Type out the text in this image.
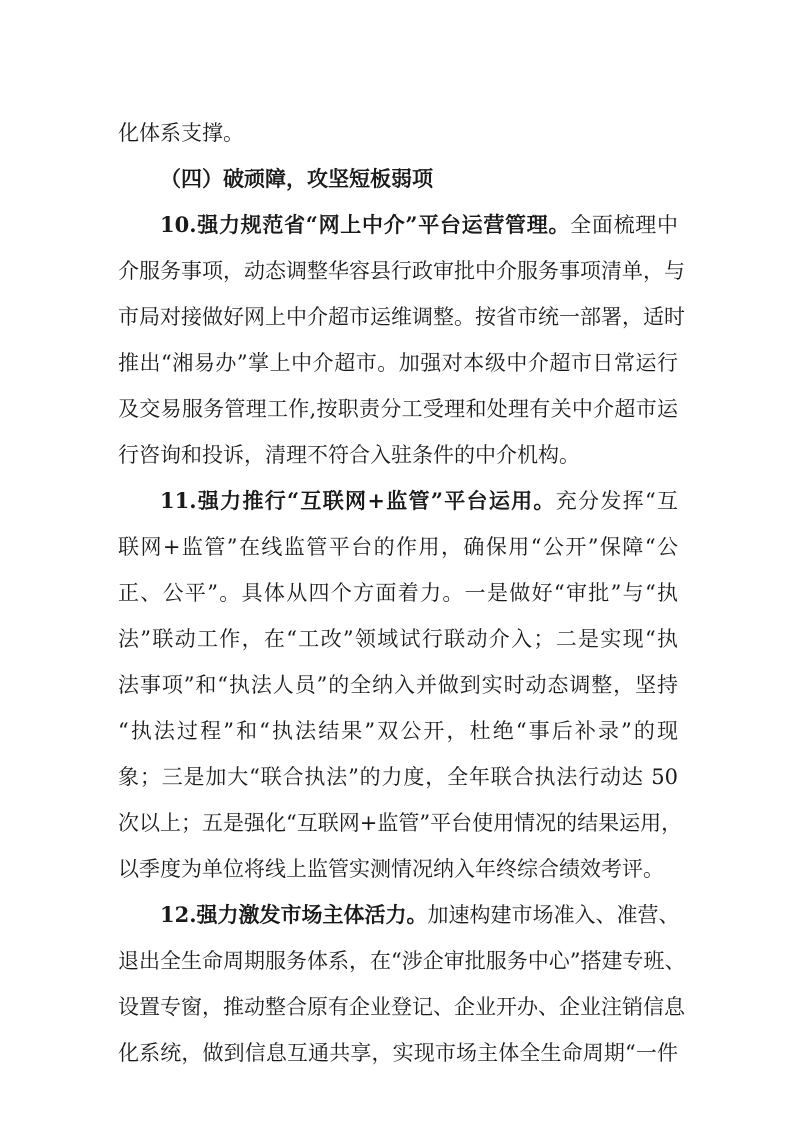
化体系支撑。
（四）破顽障，攻坚短板弱项
10.强力规范省“网上中介”平台运营管理。全面梳理中
介服务事项，动态调整华容县行政审批中介服务事项清单，与
市局对接做好网上中介超市运维调整。按省市统一部署，适时
推出“湘易办”掌上中介超市。加强对本级中介超市日常运行
及交易服务管理工作,按职责分工受理和处理有关中介超市运
行咨询和投诉，清理不符合入驻条件的中介机构。
11.强力推行“互联网+监管”平台运用。充分发挥“互
联网+监管”在线监管平台的作用，确保用“公开”保障“公
正、公平”。具体从四个方面着力。一是做好“审批”与“执
法”联动工作，在“工改”领域试行联动介入；二是实现“执
法事项”和“执法人员”的全纳入并做到实时动态调整，坚持
“执法过程”和“执法结果”双公开，杜绝“事后补录”的现
象；三是加大“联合执法”的力度，全年联合执法行动达 50
次以上；五是强化“互联网+监管”平台使用情况的结果运用，
以季度为单位将线上监管实测情况纳入年终综合绩效考评。
12.强力激发市场主体活力。加速构建市场准入、准营、
退出全生命周期服务体系，在“涉企审批服务中心”搭建专班、
设置专窗，推动整合原有企业登记、企业开办、企业注销信息
化系统，做到信息互通共享，实现市场主体全生命周期“一件
